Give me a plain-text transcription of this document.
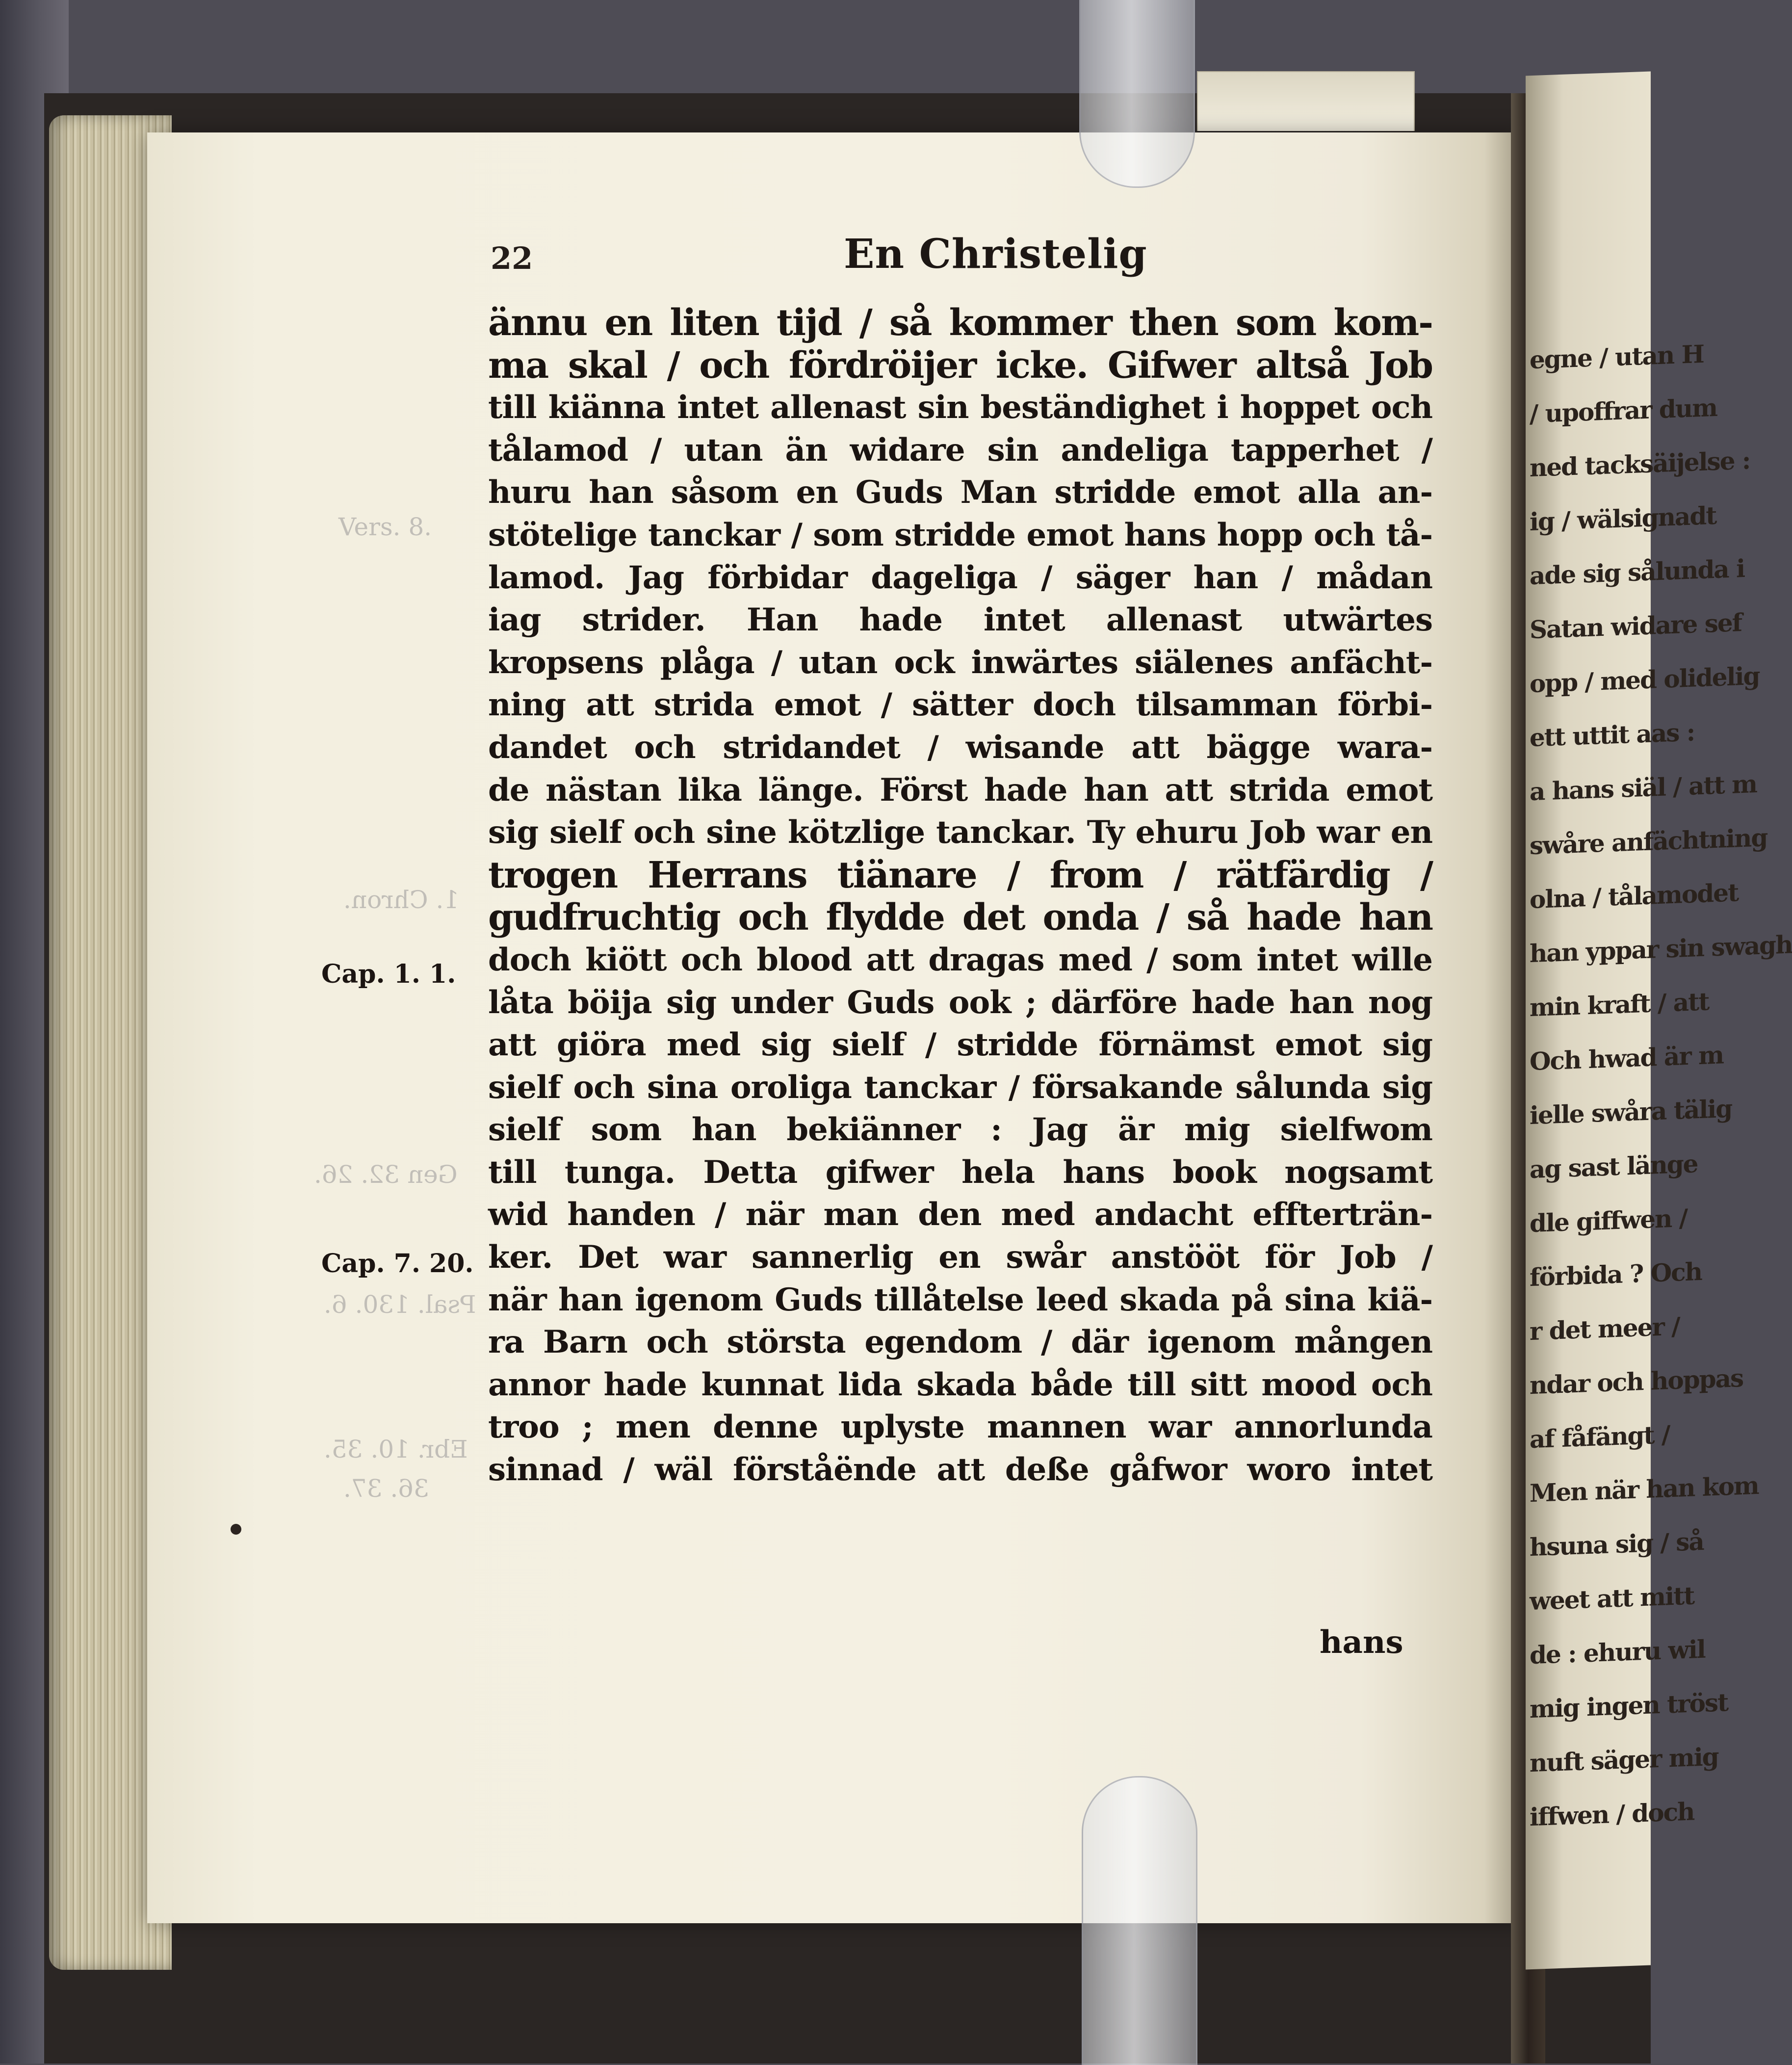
egne / utan H
/ upoffrar dum
ned tacksäijelse :
ig / wälsignadt
ade sig sålunda i
Satan widare sef
opp / med olidelig
ett uttit aas :
a hans siäl / att m
swåre anfächtning
olna / tålamodet
han yppar sin swagh
min kraft / att
Och hwad är m
ielle swåra tälig
ag sast länge
dle giffwen /
förbida ? Och
r det meer /
ndar och hoppas
af fåfängt /
Men när han kom
hsuna sig / så
weet att mitt
de : ehuru wil
mig ingen tröst
nuft säger mig
iffwen / doch
Vers. 8.
1. Chron.
Gen 32. 26.
Psal. 130. 6.
Ebr. 10. 35.
36. 37.
22	En Christelig
Cap. 1. 1.
Cap. 7. 20.
ännu en liten tijd / så kommer then som kom-
ma skal / och fördröijer icke. Gifwer altså Job
till kiänna intet allenast sin beständighet i hoppet och
tålamod / utan än widare sin andeliga tapperhet /
huru han såsom en Guds Man stridde emot alla an-
stötelige tanckar / som stridde emot hans hopp och tå-
lamod. Jag förbidar dageliga / säger han / mådan
iag strider. Han hade intet allenast utwärtes
kropsens plåga / utan ock inwärtes siälenes anfächt-
ning att strida emot / sätter doch tilsamman förbi-
dandet och stridandet / wisande att bägge wara-
de nästan lika länge. Först hade han att strida emot
sig sielf och sine kötzlige tanckar. Ty ehuru Job war en
trogen Herrans tiänare / from / rätfärdig /
gudfruchtig och flydde det onda / så hade han
doch kiött och blood att dragas med / som intet wille
låta böija sig under Guds ook ; därföre hade han nog
att giöra med sig sielf / stridde förnämst emot sig
sielf och sina oroliga tanckar / försakande sålunda sig
sielf som han bekiänner : Jag är mig sielfwom
till tunga. Detta gifwer hela hans book nogsamt
wid handen / när man den med andacht effterträn-
ker. Det war sannerlig en swår anstööt för Job /
när han igenom Guds tillåtelse leed skada på sina kiä-
ra Barn och största egendom / där igenom mången
annor hade kunnat lida skada både till sitt mood och
troo ; men denne uplyste mannen war annorlunda
sinnad / wäl förståënde att deße gåfwor woro intet
hans
